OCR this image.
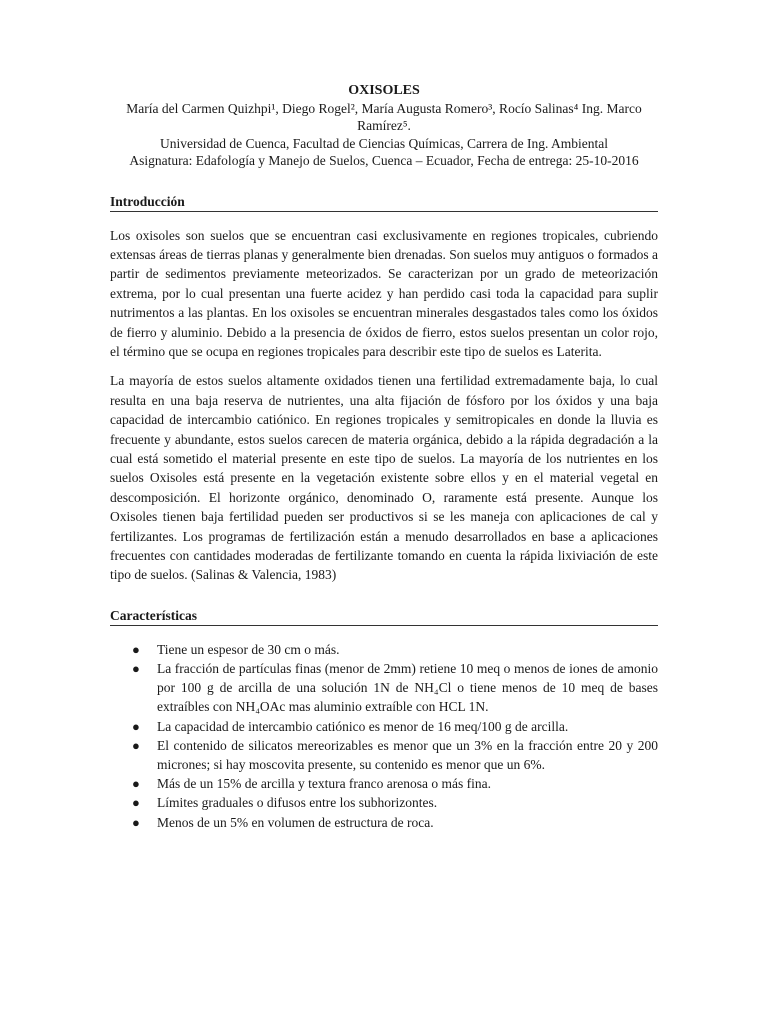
OXISOLES
María del Carmen Quizhpi¹, Diego Rogel², María Augusta Romero³, Rocío Salinas⁴ Ing. Marco
Ramírez⁵.
Universidad de Cuenca, Facultad de Ciencias Químicas, Carrera de Ing. Ambiental
Asignatura: Edafología y Manejo de Suelos, Cuenca – Ecuador, Fecha de entrega: 25-10-2016
Introducción

Los oxisoles son suelos que se encuentran casi exclusivamente en regiones tropicales, cubriendo extensas áreas de tierras planas y generalmente bien drenadas. Son suelos muy antiguos o formados a partir de sedimentos previamente meteorizados. Se caracterizan por un grado de meteorización extrema, por lo cual presentan una fuerte acidez y han perdido casi toda la capacidad para suplir nutrimentos a las plantas. En los oxisoles se encuentran minerales desgastados tales como los óxidos de fierro y aluminio. Debido a la presencia de óxidos de fierro, estos suelos presentan un color rojo, el término que se ocupa en regiones tropicales para describir este tipo de suelos es Laterita.

La mayoría de estos suelos altamente oxidados tienen una fertilidad extremadamente baja, lo cual resulta en una baja reserva de nutrientes, una alta fijación de fósforo por los óxidos y una baja capacidad de intercambio catiónico. En regiones tropicales y semitropicales en donde la lluvia es frecuente y abundante, estos suelos carecen de materia orgánica, debido a la rápida degradación a la cual está sometido el material presente en este tipo de suelos. La mayoría de los nutrientes en los suelos Oxisoles está presente en la vegetación existente sobre ellos y en el material vegetal en descomposición. El horizonte orgánico, denominado O, raramente está presente. Aunque los Oxisoles tienen baja fertilidad pueden ser productivos si se les maneja con aplicaciones de cal y fertilizantes. Los programas de fertilización están a menudo desarrollados en base a aplicaciones frecuentes con cantidades moderadas de fertilizante tomando en cuenta la rápida lixiviación de este tipo de suelos. (Salinas & Valencia, 1983)

Características
● Tiene un espesor de 30 cm o más.
● La fracción de partículas finas (menor de 2mm) retiene 10 meq o menos de iones de amonio por 100 g de arcilla de una solución 1N de NH₄Cl o tiene menos de 10 meq de bases extraíbles con NH₄OAc mas aluminio extraíble con HCL 1N.
● La capacidad de intercambio catiónico es menor de 16 meq/100 g de arcilla.
● El contenido de silicatos mereorizables es menor que un 3% en la fracción entre 20 y 200 micrones; si hay moscovita presente, su contenido es menor que un 6%.
● Más de un 15% de arcilla y textura franco arenosa o más fina.
● Límites graduales o difusos entre los subhorizontes.
● Menos de un 5% en volumen de estructura de roca.
